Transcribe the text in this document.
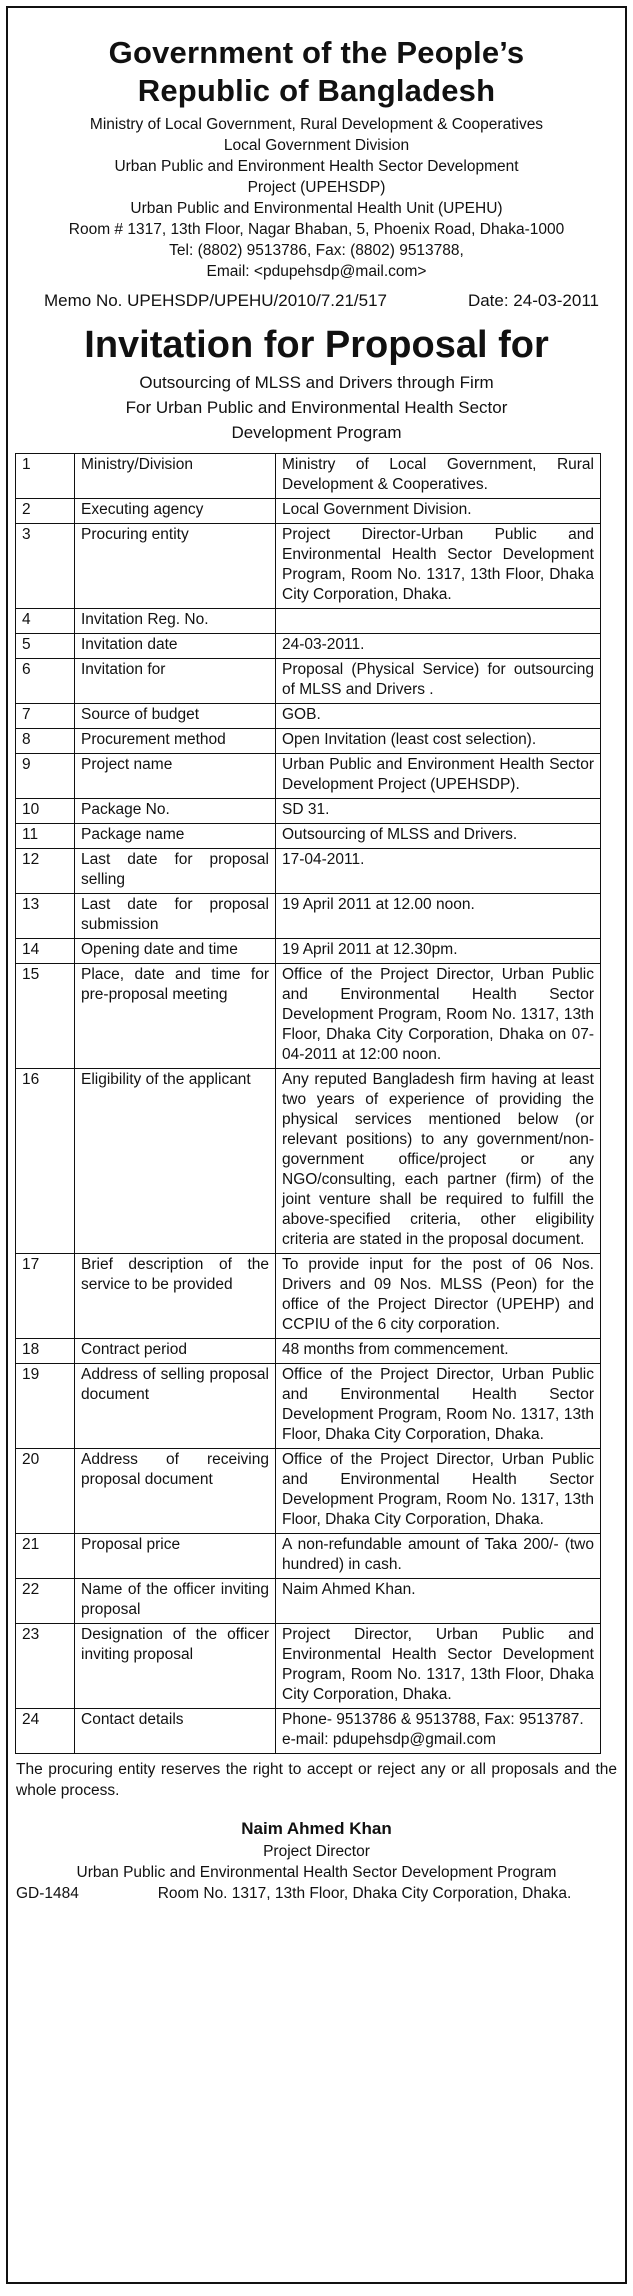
Government of the People’s
Republic of Bangladesh
Ministry of Local Government, Rural Development & Cooperatives
Local Government Division
Urban Public and Environment Health Sector Development
Project (UPEHSDP)
Urban Public and Environmental Health Unit (UPEHU)
Room # 1317, 13th Floor, Nagar Bhaban, 5, Phoenix Road, Dhaka-1000
Tel: (8802) 9513786, Fax: (8802) 9513788,
Email: <pdupehsdp@mail.com>
Memo No. UPEHSDP/UPEHU/2010/7.21/517	Date: 24-03-2011
Invitation for Proposal for
Outsourcing of MLSS and Drivers through Firm
For Urban Public and Environmental Health Sector
Development Program
1	Ministry/Division	Ministry of Local Government, Rural Development & Cooperatives.
2	Executing agency	Local Government Division.
3	Procuring entity	Project Director-Urban Public and Environmental Health Sector Development Program, Room No. 1317, 13th Floor, Dhaka City Corporation, Dhaka.
4	Invitation Reg. No.	
5	Invitation date	24-03-2011.
6	Invitation for	Proposal (Physical Service) for outsourcing of MLSS and Drivers .
7	Source of budget	GOB.
8	Procurement method	Open Invitation (least cost selection).
9	Project name	Urban Public and Environment Health Sector Development Project (UPEHSDP).
10	Package No.	SD 31.
11	Package name	Outsourcing of MLSS and Drivers.
12	Last date for proposal selling	17-04-2011.
13	Last date for proposal submission	19 April 2011 at 12.00 noon.
14	Opening date and time	19 April 2011 at 12.30pm.
15	Place, date and time for pre-proposal meeting	Office of the Project Director, Urban Public and Environmental Health Sector Development Program, Room No. 1317, 13th Floor, Dhaka City Corporation, Dhaka on 07-04-2011 at 12:00 noon.
16	Eligibility of the applicant	Any reputed Bangladesh firm having at least two years of experience of providing the physical services mentioned below (or relevant positions) to any government/non-government office/project or any NGO/consulting, each partner (firm) of the joint venture shall be required to fulfill the above-specified criteria, other eligibility criteria are stated in the proposal document.
17	Brief description of the service to be provided	To provide input for the post of 06 Nos. Drivers and 09 Nos. MLSS (Peon) for the office of the Project Director (UPEHP) and CCPIU of the 6 city corporation.
18	Contract period	48 months from commencement.
19	Address of selling proposal document	Office of the Project Director, Urban Public and Environmental Health Sector Development Program, Room No. 1317, 13th Floor, Dhaka City Corporation, Dhaka.
20	Address of receiving proposal document	Office of the Project Director, Urban Public and Environmental Health Sector Development Program, Room No. 1317, 13th Floor, Dhaka City Corporation, Dhaka.
21	Proposal price	A non-refundable amount of Taka 200/- (two hundred) in cash.
22	Name of the officer inviting proposal	Naim Ahmed Khan.
23	Designation of the officer inviting proposal	Project Director, Urban Public and Environmental Health Sector Development Program, Room No. 1317, 13th Floor, Dhaka City Corporation, Dhaka.
24	Contact details	Phone- 9513786 & 9513788, Fax: 9513787.
e-mail: pdupehsdp@gmail.com
The procuring entity reserves the right to accept or reject any or all proposals and the whole process.
Naim Ahmed Khan
Project Director
Urban Public and Environmental Health Sector Development Program
GD-1484	Room No. 1317, 13th Floor, Dhaka City Corporation, Dhaka.
